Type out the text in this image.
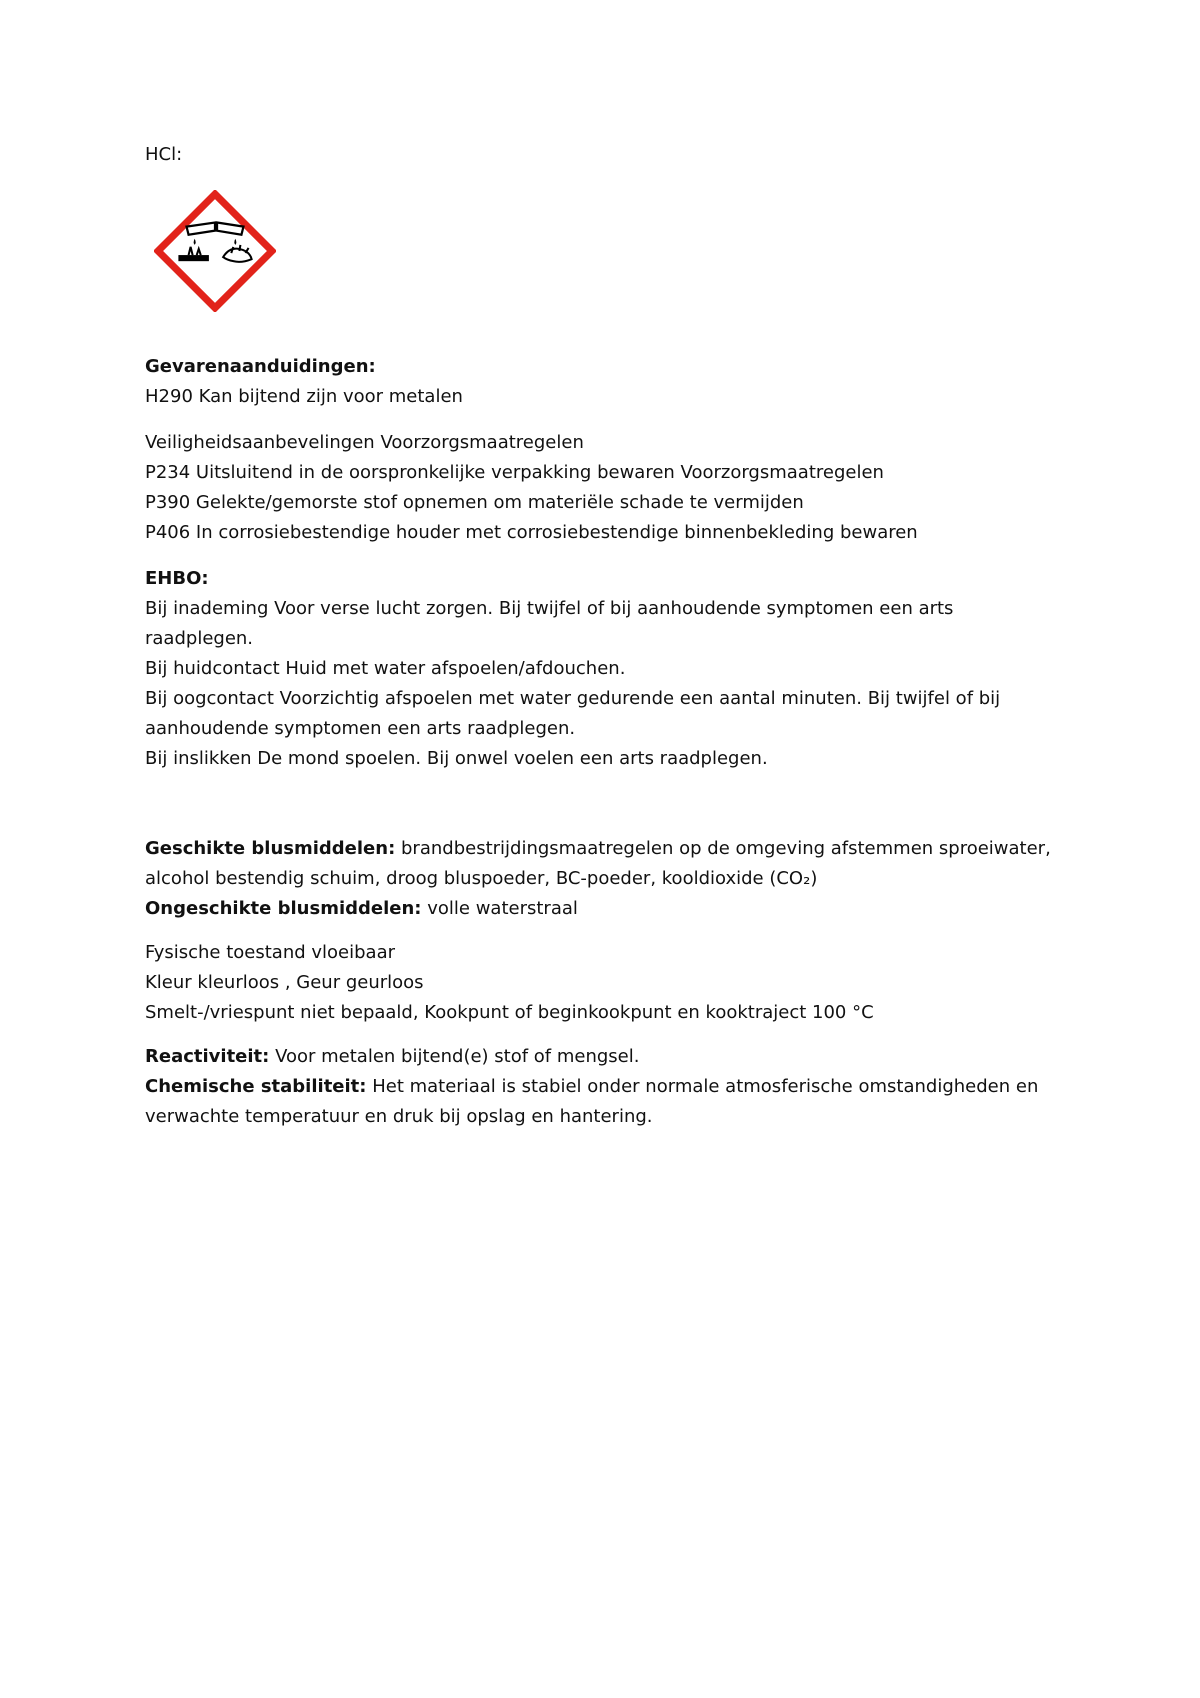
HCl:
Gevarenaanduidingen:
H290 Kan bijtend zijn voor metalen
Veiligheidsaanbevelingen Voorzorgsmaatregelen
P234 Uitsluitend in de oorspronkelijke verpakking bewaren Voorzorgsmaatregelen
P390 Gelekte/gemorste stof opnemen om materiële schade te vermijden
P406 In corrosiebestendige houder met corrosiebestendige binnenbekleding bewaren
EHBO:
Bij inademing Voor verse lucht zorgen. Bij twijfel of bij aanhoudende symptomen een arts
raadplegen.
Bij huidcontact Huid met water afspoelen/afdouchen.
Bij oogcontact Voorzichtig afspoelen met water gedurende een aantal minuten. Bij twijfel of bij
aanhoudende symptomen een arts raadplegen.
Bij inslikken De mond spoelen. Bij onwel voelen een arts raadplegen.
Geschikte blusmiddelen: brandbestrijdingsmaatregelen op de omgeving afstemmen sproeiwater,
alcohol bestendig schuim, droog bluspoeder, BC-poeder, kooldioxide (CO₂)
Ongeschikte blusmiddelen: volle waterstraal
Fysische toestand vloeibaar
Kleur kleurloos , Geur geurloos
Smelt-/vriespunt niet bepaald, Kookpunt of beginkookpunt en kooktraject 100 °C
Reactiviteit: Voor metalen bijtend(e) stof of mengsel.
Chemische stabiliteit: Het materiaal is stabiel onder normale atmosferische omstandigheden en
verwachte temperatuur en druk bij opslag en hantering.
